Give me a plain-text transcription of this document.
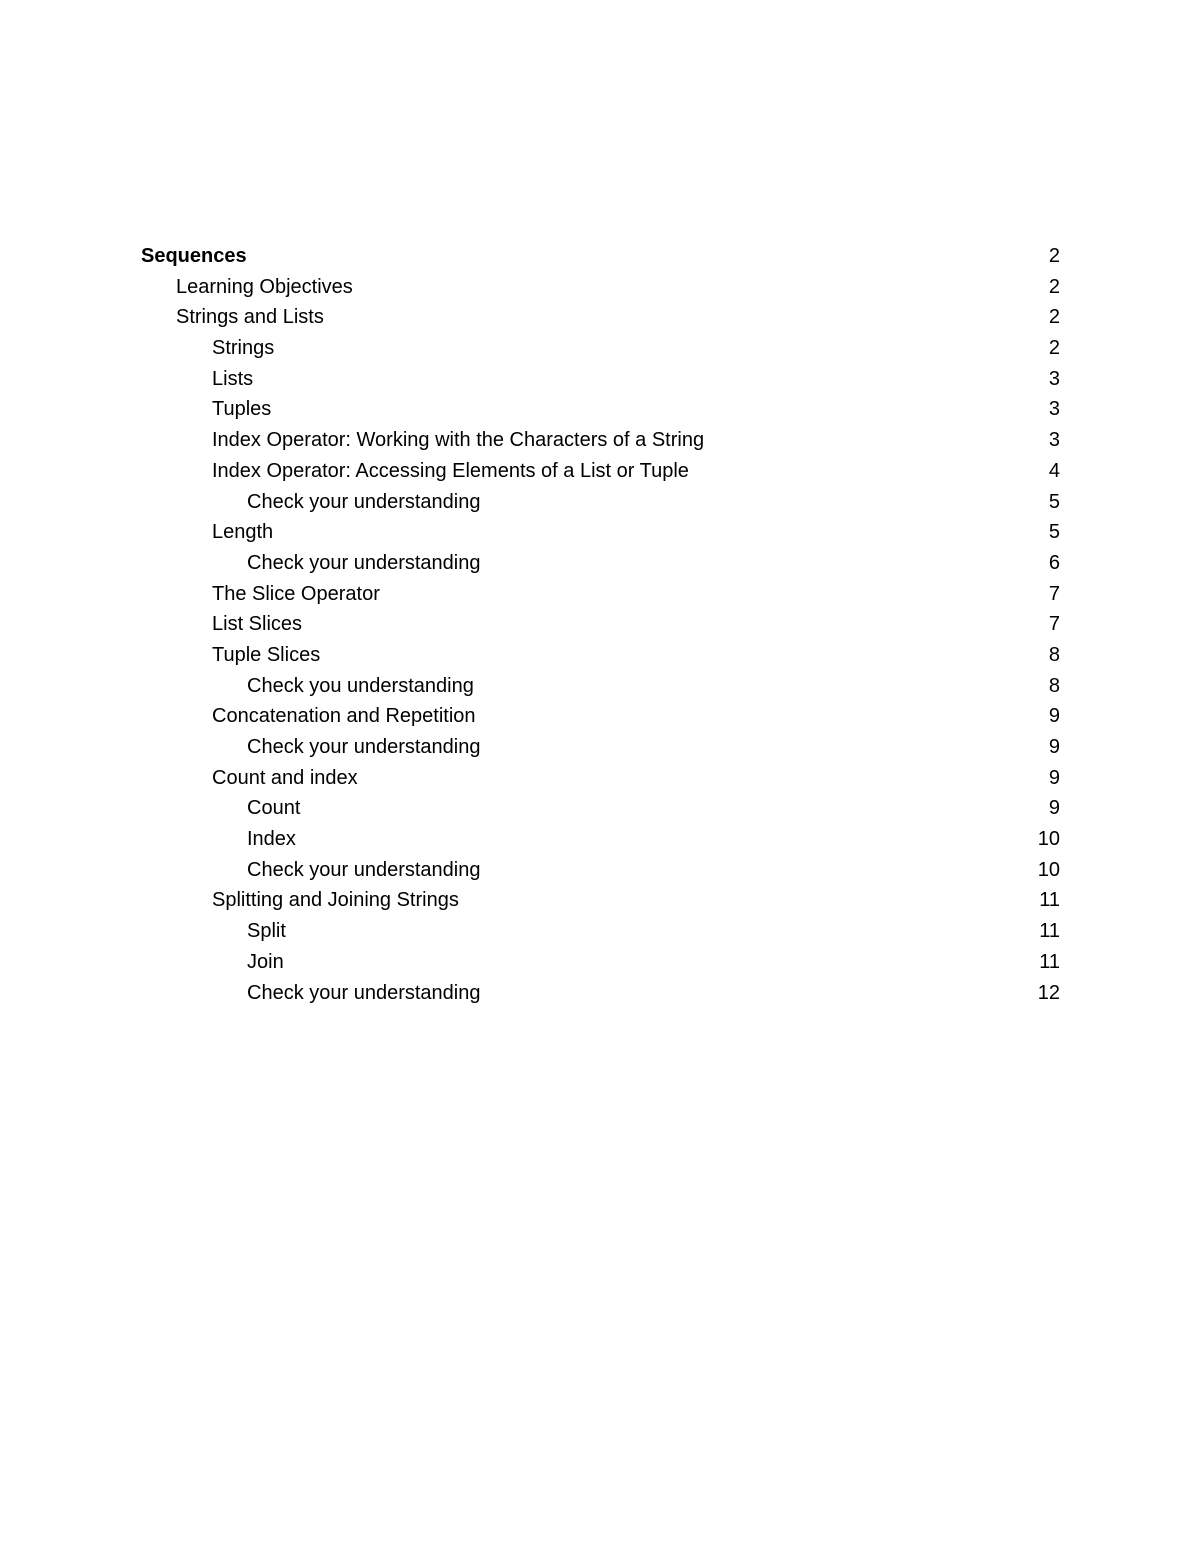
Sequences	2
Learning Objectives	2
Strings and Lists	2
Strings	2
Lists	3
Tuples	3
Index Operator: Working with the Characters of a String	3
Index Operator: Accessing Elements of a List or Tuple	4
Check your understanding	5
Length	5
Check your understanding	6
The Slice Operator	7
List Slices	7
Tuple Slices	8
Check you understanding	8
Concatenation and Repetition	9
Check your understanding	9
Count and index	9
Count	9
Index	10
Check your understanding	10
Splitting and Joining Strings	11
Split	11
Join	11
Check your understanding	12
